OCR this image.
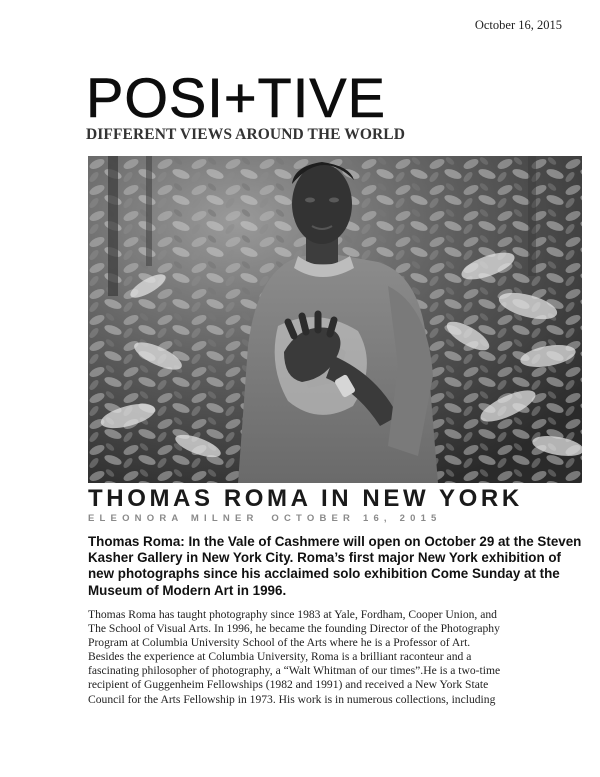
October 16, 2015
POSI+TIVE
DIFFERENT VIEWS AROUND THE WORLD
THOMAS ROMA IN NEW YORK
ELEONORA MILNER OCTOBER 16, 2015

Thomas Roma: In the Vale of Cashmere will open on October 29 at the Steven Kasher Gallery in New York City. Roma’s first major New York exhibition of new photographs since his acclaimed solo exhibition Come Sunday at the Museum of Modern Art in 1996.

Thomas Roma has taught photography since 1983 at Yale, Fordham, Cooper Union, and
The School of Visual Arts. In 1996, he became the founding Director of the Photography
Program at Columbia University School of the Arts where he is a Professor of Art.
Besides the experience at Columbia University, Roma is a brilliant raconteur and a
fascinating philosopher of photography, a “Walt Whitman of our times”.He is a two-time
recipient of Guggenheim Fellowships (1982 and 1991) and received a New York State
Council for the Arts Fellowship in 1973. His work is in numerous collections, including
